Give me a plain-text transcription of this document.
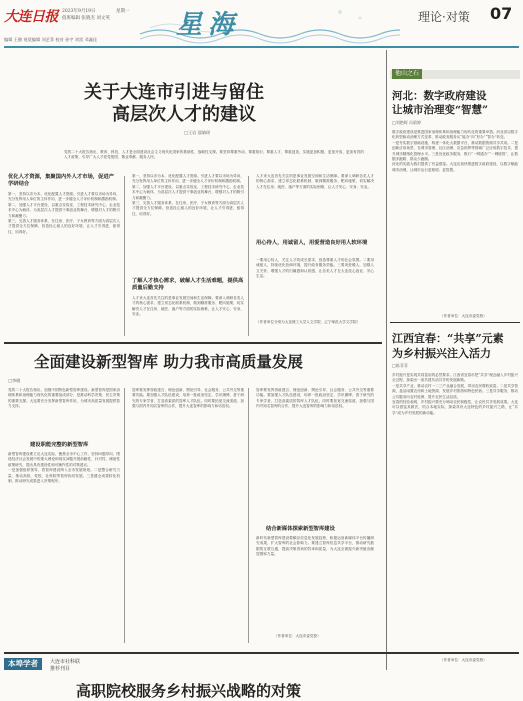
大连日报 2023年9月19日	星期一
值班编辑 张晓杰 刘文英
编辑 王健 视觉编辑 刘艺菲 校对 孙宇 刘雷 邓鑫佳	星海	理论·对策 07
关于大连市引进与留住
高层次人才的建议
□王岩 邵婧瑶
党的二十大报告指出，教育、科技、人才是全面建设社会主义现代化国家的基础性、战略性支撑。要坚持尊重劳动、尊重知识、尊重人才、尊重创造，实施更加积极、更加开放、更加有效的人才政策，引导广大人才爱党报国、敬业奉献、服务人民。
优化人才资源，集聚国内外人才市场，促进产学研结合
第一，坚持以市为本，优化配置人才资源。引进人才要以市场为导向，充分发挥用人单位的主体作用，进一步健全人才评价机制和激励机制。
第二，加强人才平台建设，以重点实验室、工程技术研究中心、企业技术中心为载体，为高层次人才提供干事创业的舞台，增强对人才的吸引力和凝聚力。
第三，完善人才服务体系，在住房、医疗、子女教育等方面为高层次人才提供全方位保障，营造拴心留人的良好环境，让人才引得进、留得住、用得好。
第一，坚持以市为本，优化配置人才资源。引进人才要以市场为导向，充分发挥用人单位的主体作用，进一步健全人才评价机制和激励机制。
第二，加强人才平台建设，以重点实验室、工程技术研究中心、企业技术中心为载体，为高层次人才提供干事创业的舞台，增强对人才的吸引力和凝聚力。
第三，完善人才服务体系，在住房、医疗、子女教育等方面为高层次人才提供全方位保障，营造拴心留人的良好环境，让人才引得进、留得住、用得好。
了解人才核心需求，破解人才生活难题，提供高质量后勤支持
人才来大连首先关注的是事业发展空间和生活保障。要深入调研各类人才的核心需求，建立常态化联系机制，做到精准服务、靶向施策，切实解决人才在住房、就医、落户等方面的实际困难，让人才安心、安身、安业。
人才来大连首先关注的是事业发展空间和生活保障。要深入调研各类人才的核心需求，建立常态化联系机制，做到精准服务、靶向施策，切实解决人才在住房、就医、落户等方面的实际困难，让人才安心、安身、安业。
用心待人，用诚留人，用爱营造良好用人软环境
一要用心待人，关注人才的成长需求，营造尊重人才的社会氛围。二要用诚留人，持续优化营商环境，提升政务服务效能。三要用爱暖人，加强人文关怀，增强人才的归属感和认同感，让各类人才在大连放心创业、安心生活。
（作者单位分别为大连理工大学人文学院、辽宁师范大学文学院）
全面建设新型智库 助力我市高质量发展
□李桃
党的二十大报告指出，加强中国特色新型智库建设。新型智库是国家治理体系和治理能力现代化的重要组成部分，是推动科学决策、民主决策的重要支撑。大连要充分发挥新型智库作用，为城市高质量发展提供智力支持。
建设职能完整的新型智库
新型智库建设要立足大连实际，聚焦全市中心工作，坚持问题导向，围绕经济社会发展中的重大理论和现实问题开展前瞻性、针对性、储备性政策研究，提出具有建设性和可操作性的对策建议。
一是加强组织领导，将智库建设纳入全市发展规划。二是整合研究力量，推动高校、党校、社科院等智库协同发展。三是健全成果转化机制，推动研究成果进入决策程序。
智库要发挥咨政建言、理论创新、舆论引导、社会服务、公共外交等重要功能。要加强人才队伍建设，培养一批政治坚定、学识渊博、善于研究的专家学者，打造高素质的智库人才队伍。同时要拓宽交流渠道，加强与国内外知名智库的合作，提升大连智库的影响力和话语权。
智库要发挥咨政建言、理论创新、舆论引导、社会服务、公共外交等重要功能。要加强人才队伍建设，培养一批政治坚定、学识渊博、善于研究的专家学者，打造高素质的智库人才队伍。同时要拓宽交流渠道，加强与国内外知名智库的合作，提升大连智库的影响力和话语权。
结合新媒体探索新型智库建设
新时代新型智库建设要顺应信息化发展趋势，积极运用新媒体平台传播研究成果，扩大智库的社会影响力。要建立智库信息共享平台，推动研究数据的互联互通，提高决策咨询的效率和质量，为大连全面振兴新突破贡献智慧和力量。
（作者单位：大连市委党校）
他山之石
河北：数字政府建设
让城市治理变“智慧”
□刘艳辉 冯晗婷
数字政府建设是推进国家治理体系和治理能力现代化的重要举措。河北省以数字化转型驱动治理方式变革，推动政务服务从“能办”向“好办”“智办”转变。
一是夯实数字基础设施，构建一体化大数据平台，推动数据资源共享共用。二是创新应用场景，在城市管理、社区治理、应急指挥等领域广泛应用数字技术，提升城市精细化管理水平。三是优化政务服务，推行“一网通办”“一网统管”，让数据多跑路、群众少跑腿。
河北的实践为我们提供了有益借鉴。大连应加快推进数字政府建设，以数字赋能城市治理，让城市运行更聪明、更智慧。
（作者单位：大连市委党校）
江西宜春：“共享”元素
为乡村振兴注入活力
□陈菲菲
乡村振兴是实现共同富裕的必然要求。江西省宜春市把“共享”理念融入乡村振兴全过程，探索出一条共建共治共享的发展新路。
一是共享产业，推动农村一二三产业融合发展，带动农民增收致富。二是共享资源，盘活闲置农房和土地资源，发展乡村旅游和特色民宿。三是共享服务，推动公共服务向农村延伸，提升农民生活品质。
宜春的经验表明，乡村振兴要充分调动农民积极性，让农民共享发展成果。大连可以借鉴其做法，结合本地实际，探索具有大连特色的乡村振兴之路，让“共享”成为乡村发展的新动能。
（作者单位：大连市委党校）
本埠学者	大连市社科联
推荐刊目
高职院校服务乡村振兴战略的对策
